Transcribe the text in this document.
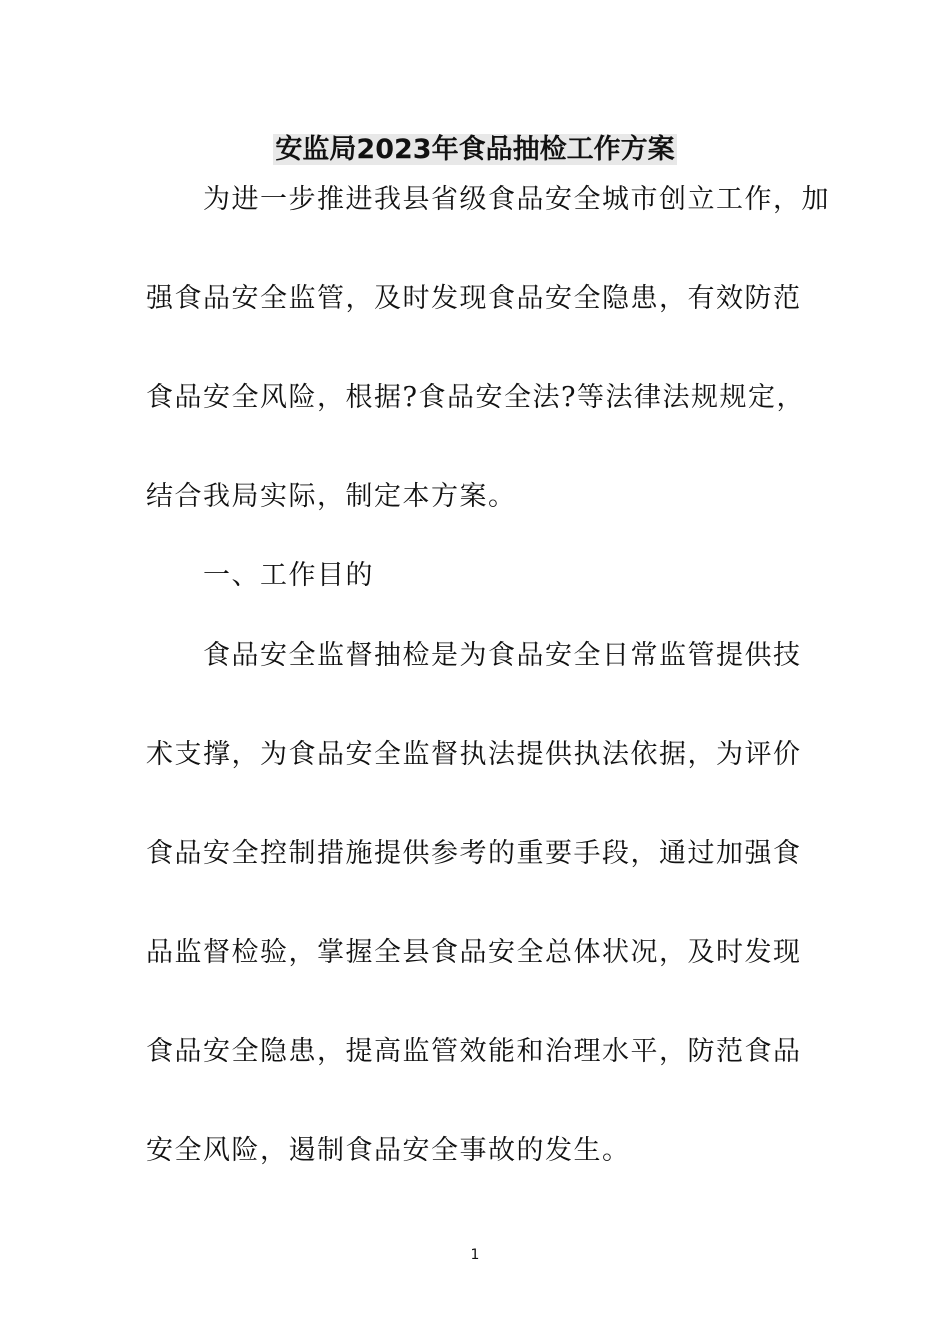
安监局2023年食品抽检工作方案
为进一步推进我县省级食品安全城市创立工作，加
强食品安全监管，及时发现食品安全隐患，有效防范
食品安全风险，根据?食品安全法?等法律法规规定，
结合我局实际，制定本方案。
一、工作目的
食品安全监督抽检是为食品安全日常监管提供技
术支撑，为食品安全监督执法提供执法依据，为评价
食品安全控制措施提供参考的重要手段，通过加强食
品监督检验，掌握全县食品安全总体状况，及时发现
食品安全隐患，提高监管效能和治理水平，防范食品
安全风险，遏制食品安全事故的发生。
1
